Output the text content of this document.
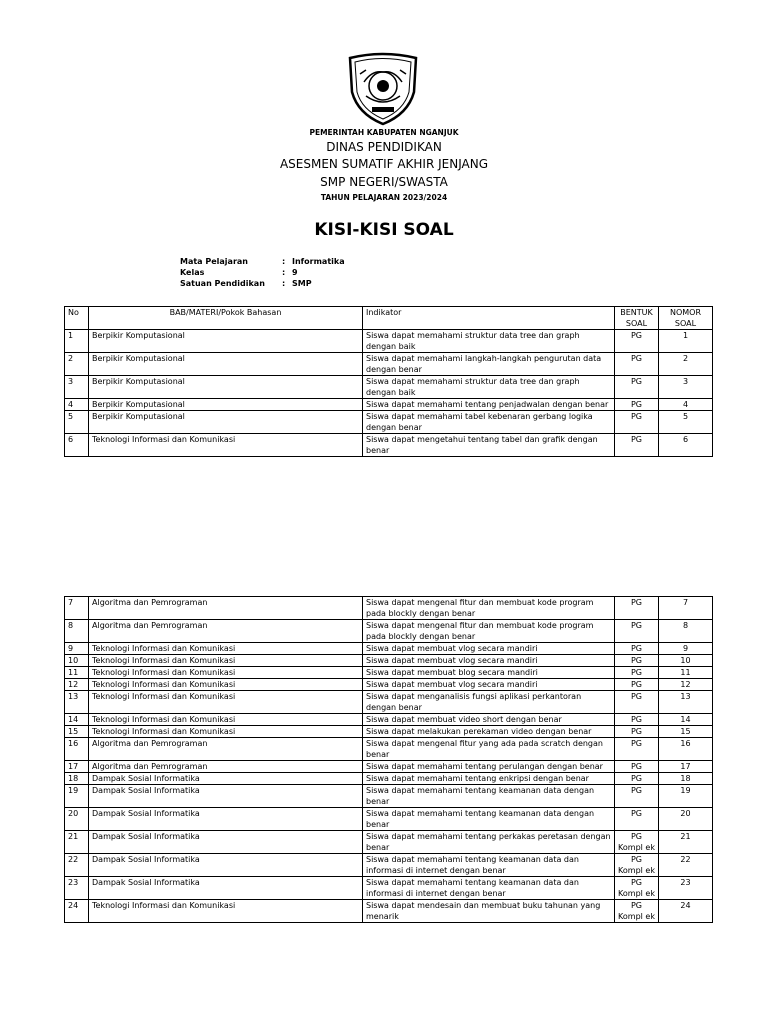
PEMERINTAH KABUPATEN NGANJUK
DINAS PENDIDIKAN
ASESMEN SUMATIF AKHIR JENJANG
SMP NEGERI/SWASTA
TAHUN PELAJARAN 2023/2024
KISI-KISI SOAL
Mata Pelajaran	: Informatika
Kelas	: 9
Satuan Pendidikan	: SMP
No	BAB/MATERI/Pokok Bahasan	Indikator	BENTUK SOAL	NOMOR SOAL
1	Berpikir Komputasional	Siswa dapat memahami struktur data tree dan graph dengan baik	PG	1
2	Berpikir Komputasional	Siswa dapat memahami langkah-langkah pengurutan data dengan benar	PG	2
3	Berpikir Komputasional	Siswa dapat memahami struktur data tree dan graph dengan baik	PG	3
4	Berpikir Komputasional	Siswa dapat memahami tentang penjadwalan dengan benar	PG	4
5	Berpikir Komputasional	Siswa dapat memahami tabel kebenaran gerbang logika dengan benar	PG	5
6	Teknologi Informasi dan Komunikasi	Siswa dapat mengetahui tentang tabel dan grafik dengan benar	PG	6
7	Algoritma dan Pemrograman	Siswa dapat mengenal fitur dan membuat kode program pada blockly dengan benar	PG	7
8	Algoritma dan Pemrograman	Siswa dapat mengenal fitur dan membuat kode program pada blockly dengan benar	PG	8
9	Teknologi Informasi dan Komunikasi	Siswa dapat membuat vlog secara mandiri	PG	9
10	Teknologi Informasi dan Komunikasi	Siswa dapat membuat vlog secara mandiri	PG	10
11	Teknologi Informasi dan Komunikasi	Siswa dapat membuat blog secara mandiri	PG	11
12	Teknologi Informasi dan Komunikasi	Siswa dapat membuat vlog secara mandiri	PG	12
13	Teknologi Informasi dan Komunikasi	Siswa dapat menganalisis fungsi aplikasi perkantoran dengan benar	PG	13
14	Teknologi Informasi dan Komunikasi	Siswa dapat membuat video short dengan benar	PG	14
15	Teknologi Informasi dan Komunikasi	Siswa dapat melakukan perekaman video dengan benar	PG	15
16	Algoritma dan Pemrograman	Siswa dapat mengenal fitur yang ada pada scratch dengan benar	PG	16
17	Algoritma dan Pemrograman	Siswa dapat memahami tentang perulangan dengan benar	PG	17
18	Dampak Sosial Informatika	Siswa dapat memahami tentang enkripsi dengan benar	PG	18
19	Dampak Sosial Informatika	Siswa dapat memahami tentang keamanan data dengan benar	PG	19
20	Dampak Sosial Informatika	Siswa dapat memahami tentang keamanan data dengan benar	PG	20
21	Dampak Sosial Informatika	Siswa dapat memahami tentang perkakas peretasan dengan benar	PG Kompl ek	21
22	Dampak Sosial Informatika	Siswa dapat memahami tentang keamanan data dan informasi di internet dengan benar	PG Kompl ek	22
23	Dampak Sosial Informatika	Siswa dapat memahami tentang keamanan data dan informasi di internet dengan benar	PG Kompl ek	23
24	Teknologi Informasi dan Komunikasi	Siswa dapat mendesain dan membuat buku tahunan yang menarik	PG Kompl ek	24
